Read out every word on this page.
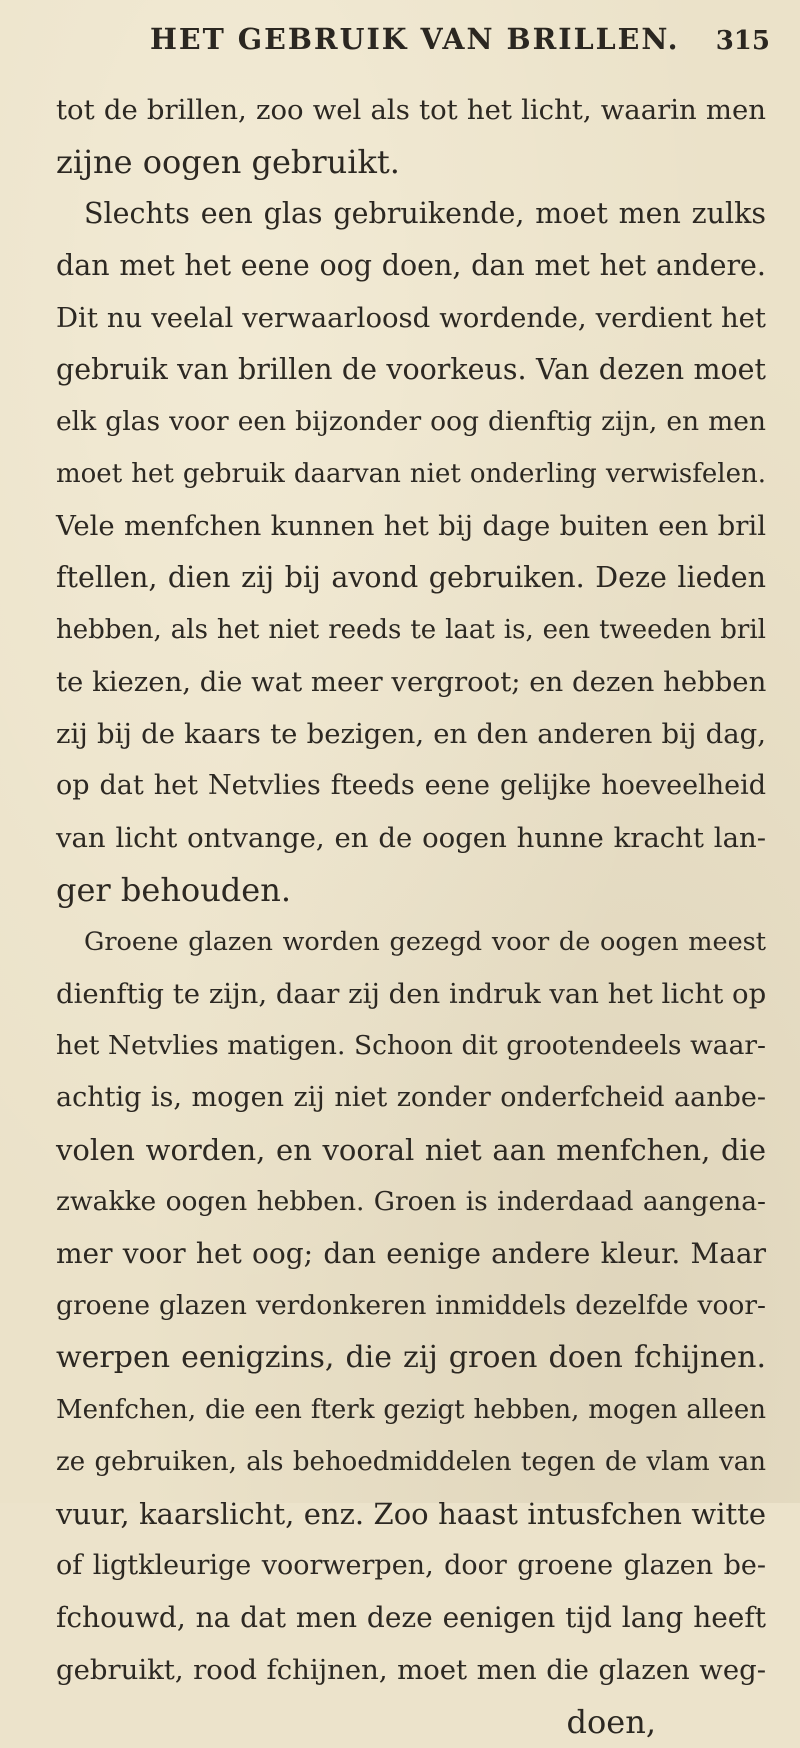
HET GEBRUIK VAN BRILLEN. 315
tot de brillen, zoo wel als tot het licht, waarin men
zijne oogen gebruikt.
Slechts een glas gebruikende, moet men zulks
dan met het eene oog doen, dan met het andere.
Dit nu veelal verwaarloosd wordende, verdient het
gebruik van brillen de voorkeus. Van dezen moet
elk glas voor een bijzonder oog dienftig zijn, en men
moet het gebruik daarvan niet onderling verwisfelen.
Vele menfchen kunnen het bij dage buiten een bril
ftellen, dien zij bij avond gebruiken. Deze lieden
hebben, als het niet reeds te laat is, een tweeden bril
te kiezen, die wat meer vergroot; en dezen hebben
zij bij de kaars te bezigen, en den anderen bij dag,
op dat het Netvlies fteeds eene gelijke hoeveelheid
van licht ontvange, en de oogen hunne kracht lan-
ger behouden.
Groene glazen worden gezegd voor de oogen meest
dienftig te zijn, daar zij den indruk van het licht op
het Netvlies matigen. Schoon dit grootendeels waar-
achtig is, mogen zij niet zonder onderfcheid aanbe-
volen worden, en vooral niet aan menfchen, die
zwakke oogen hebben. Groen is inderdaad aangena-
mer voor het oog; dan eenige andere kleur. Maar
groene glazen verdonkeren inmiddels dezelfde voor-
werpen eenigzins, die zij groen doen fchijnen.
Menfchen, die een fterk gezigt hebben, mogen alleen
ze gebruiken, als behoedmiddelen tegen de vlam van
vuur, kaarslicht, enz. Zoo haast intusfchen witte
of ligtkleurige voorwerpen, door groene glazen be-
fchouwd, na dat men deze eenigen tijd lang heeft
gebruikt, rood fchijnen, moet men die glazen weg-
doen,
